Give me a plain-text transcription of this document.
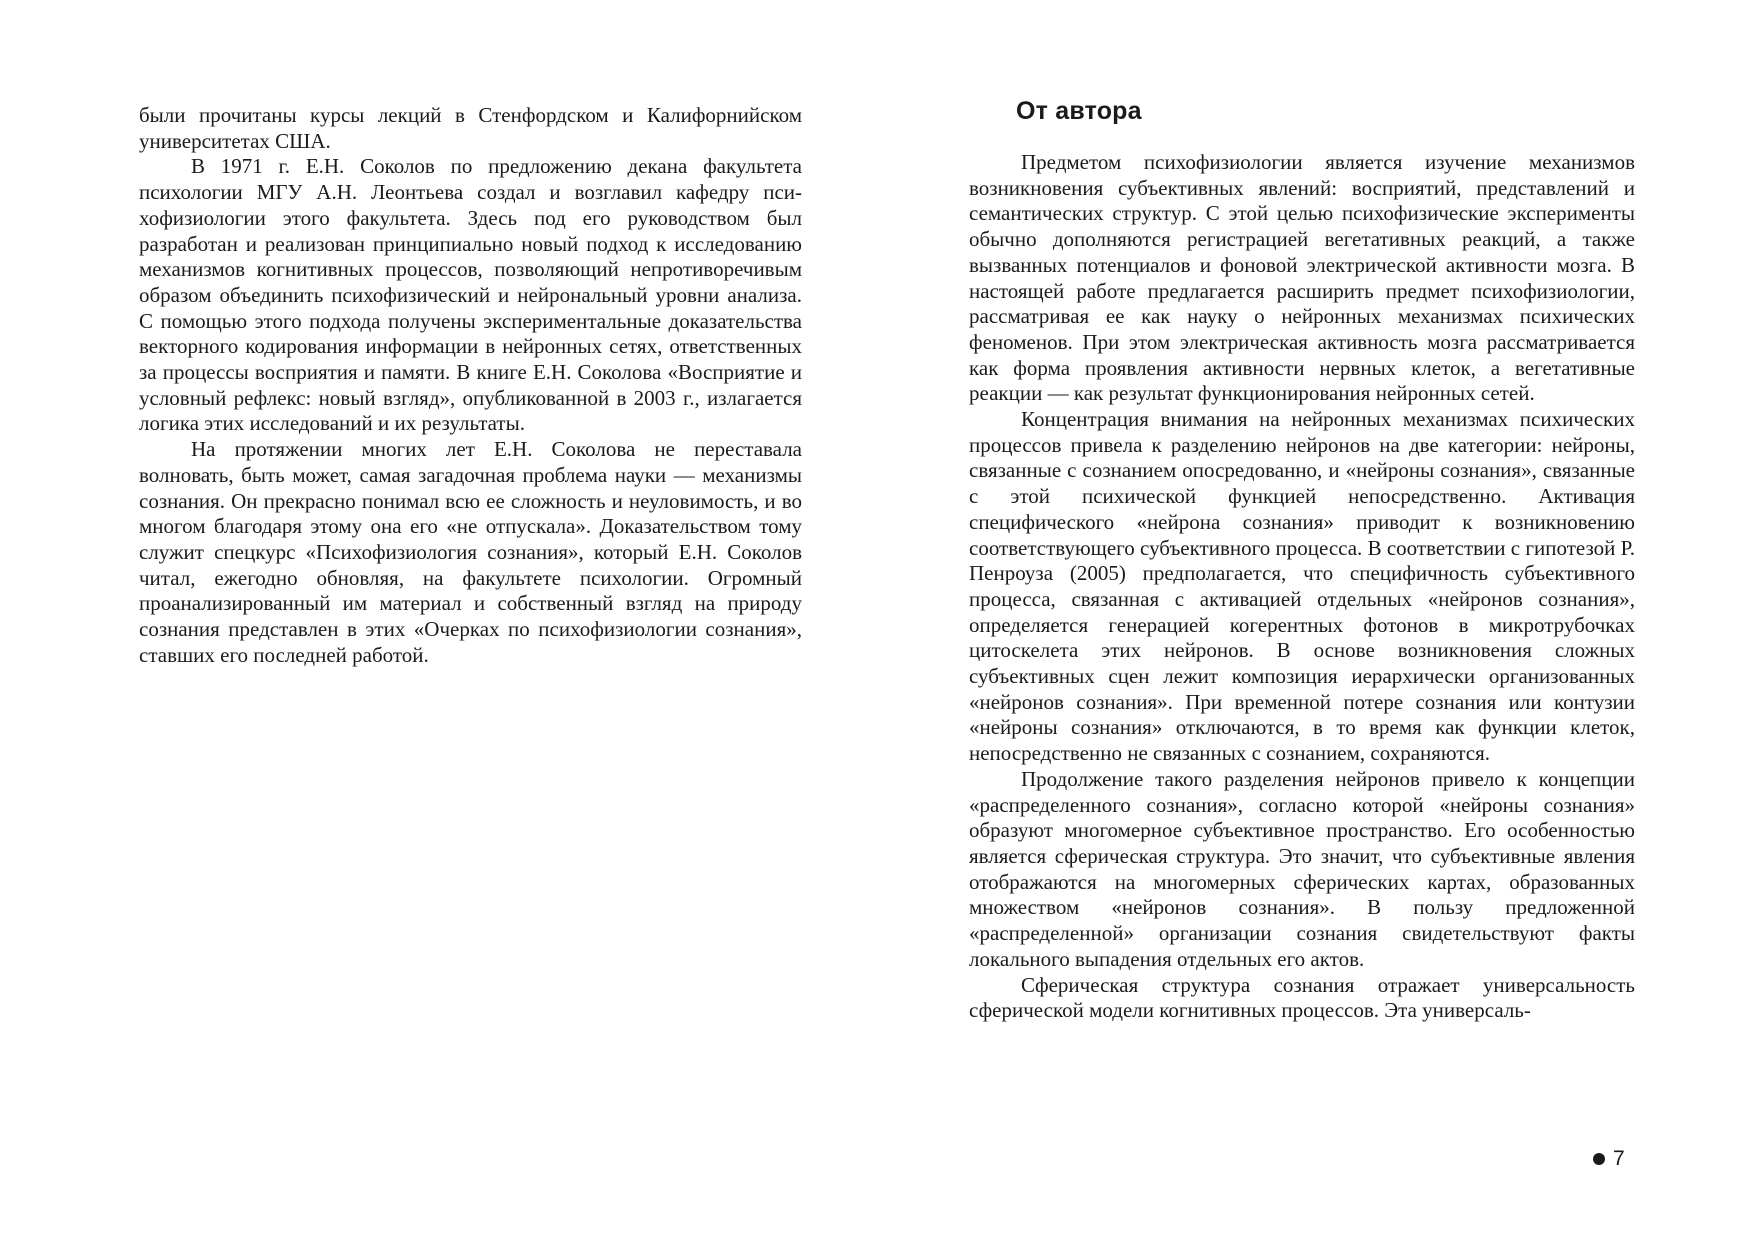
были прочитаны курсы лекций в Стенфордском и Калифорнийском университетах США.

В 1971 г. Е.Н. Соколов по предложению декана факультета психологии МГУ А.Н. Леонтьева создал и возглавил кафедру психофизиологии этого факультета. Здесь под его руководством был разработан и реализован принципиально новый подход к исследованию механизмов когнитивных процессов, позволяющий непротиворечивым образом объединить психофизический и нейрональный уровни анализа. С помощью этого подхода получены экспериментальные доказательства векторного кодирования информации в нейронных сетях, ответственных за процессы восприятия и памяти. В книге Е.Н. Соколова «Восприятие и условный рефлекс: новый взгляд», опубликованной в 2003 г., излагается логика этих исследований и их результаты.

На протяжении многих лет Е.Н. Соколова не переставала волновать, быть может, самая загадочная проблема науки — механизмы сознания. Он прекрасно понимал всю ее сложность и неуловимость, и во многом благодаря этому она его «не отпускала». Доказательством тому служит спецкурс «Психофизиология сознания», который Е.Н. Соколов читал, ежегодно обновляя, на факультете психологии. Огромный проанализированный им материал и собственный взгляд на природу сознания представлен в этих «Очерках по психофизиологии сознания», ставших его последней работой.

От автора

Предметом психофизиологии является изучение механизмов возникновения субъективных явлений: восприятий, представлений и семантических структур. С этой целью психофизические эксперименты обычно дополняются регистрацией вегетативных реакций, а также вызванных потенциалов и фоновой электрической активности мозга. В настоящей работе предлагается расширить предмет психофизиологии, рассматривая ее как науку о нейронных механизмах психических феноменов. При этом электрическая активность мозга рассматривается как форма проявления активности нервных клеток, а вегетативные реакции — как результат функционирования нейронных сетей.

Концентрация внимания на нейронных механизмах психических процессов привела к разделению нейронов на две категории: нейроны, связанные с сознанием опосредованно, и «нейроны сознания», связанные с этой психической функцией непосредственно. Активация специфического «нейрона сознания» приводит к возникновению соответствующего субъективного процесса. В соответствии с гипотезой Р. Пенроуза (2005) предполагается, что специфичность субъективного процесса, связанная с активацией отдельных «нейронов сознания», определяется генерацией когерентных фотонов в микротрубочках цитоскелета этих нейронов. В основе возникновения сложных субъективных сцен лежит композиция иерархически организованных «нейронов сознания». При временной потере сознания или контузии «нейроны сознания» отключаются, в то время как функции клеток, непосредственно не связанных с сознанием, сохраняются.

Продолжение такого разделения нейронов привело к концепции «распределенного сознания», согласно которой «нейроны сознания» образуют многомерное субъективное пространство. Его особенностью является сферическая структура. Это значит, что субъективные явления отображаются на многомерных сферических картах, образованных множеством «нейронов сознания». В пользу предложенной «распределенной» организации сознания свидетельствуют факты локального выпадения отдельных его актов.

Сферическая структура сознания отражает универсальность сферической модели когнитивных процессов. Эта универсаль-

7
